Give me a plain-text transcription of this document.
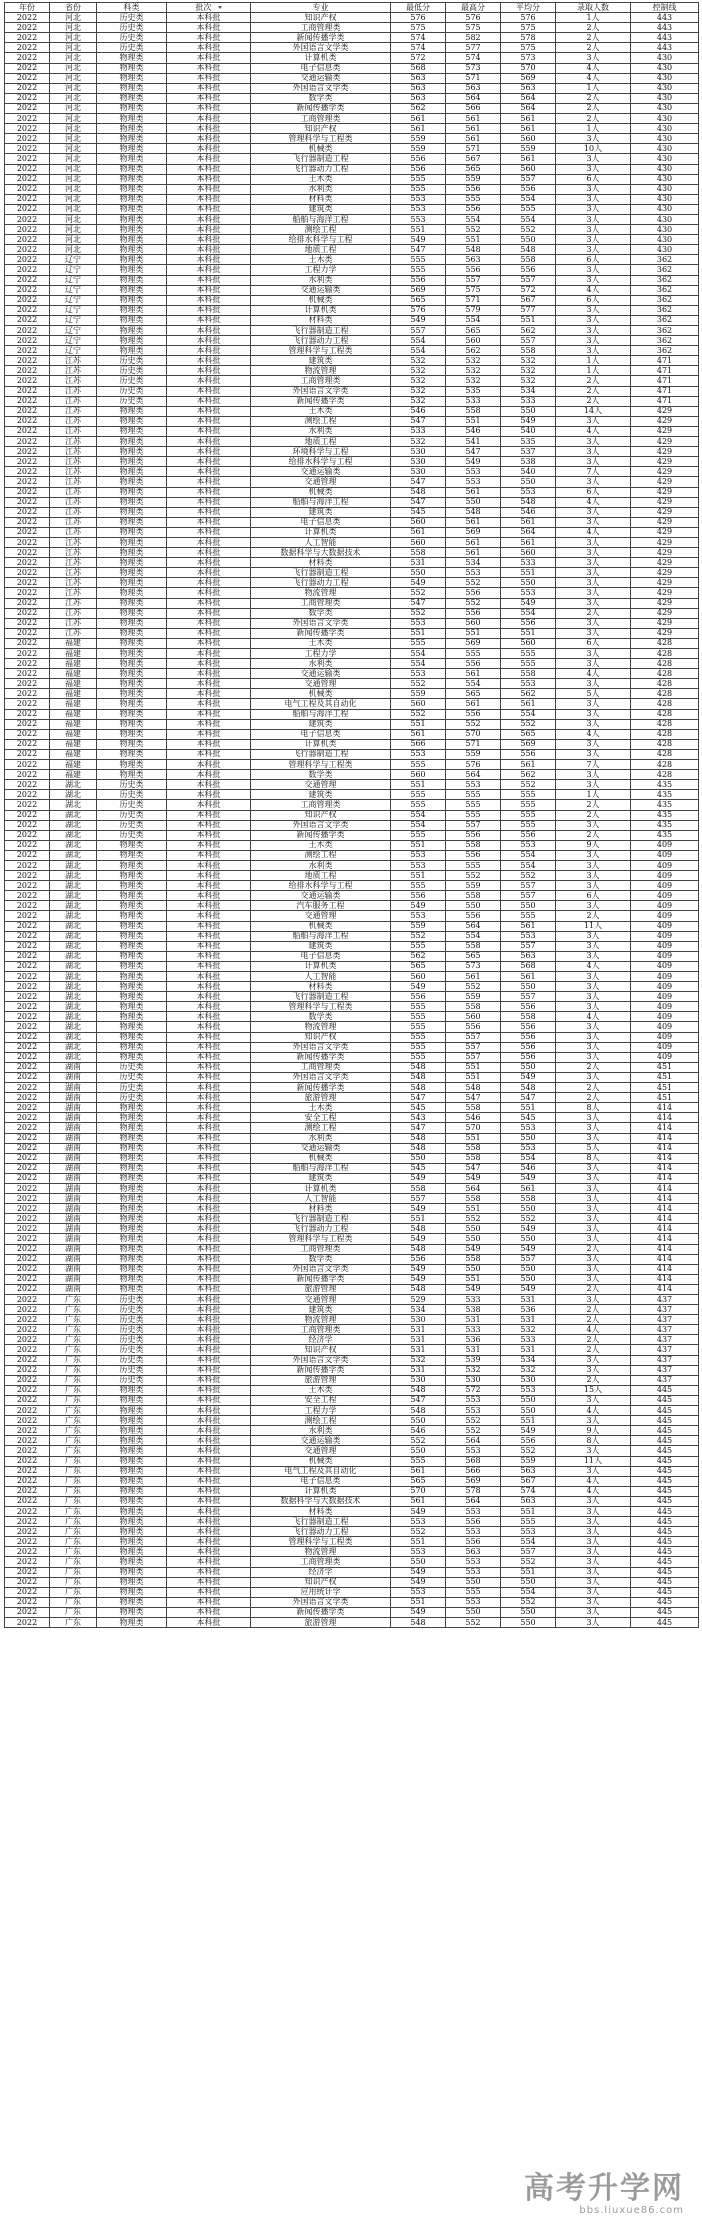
年份	省份	科类	批次	专业	最低分	最高分	平均分	录取人数	控制线
2022	河北	历史类	本科批	知识产权	576	576	576	1人	443
2022	河北	历史类	本科批	工商管理类	575	575	575	2人	443
2022	河北	历史类	本科批	新闻传播学类	574	582	578	2人	443
2022	河北	历史类	本科批	外国语言文学类	574	577	575	2人	443
2022	河北	物理类	本科批	计算机类	572	574	573	3人	430
2022	河北	物理类	本科批	电子信息类	568	573	570	4人	430
2022	河北	物理类	本科批	交通运输类	563	571	569	4人	430
2022	河北	物理类	本科批	外国语言文学类	563	563	563	1人	430
2022	河北	物理类	本科批	数学类	563	564	564	2人	430
2022	河北	物理类	本科批	新闻传播学类	562	566	564	2人	430
2022	河北	物理类	本科批	工商管理类	561	561	561	2人	430
2022	河北	物理类	本科批	知识产权	561	561	561	1人	430
2022	河北	物理类	本科批	管理科学与工程类	559	561	560	3人	430
2022	河北	物理类	本科批	机械类	559	571	559	10人	430
2022	河北	物理类	本科批	飞行器制造工程	556	567	561	3人	430
2022	河北	物理类	本科批	飞行器动力工程	556	565	560	3人	430
2022	河北	物理类	本科批	土木类	555	559	557	6人	430
2022	河北	物理类	本科批	水利类	555	556	556	3人	430
2022	河北	物理类	本科批	材料类	553	555	554	3人	430
2022	河北	物理类	本科批	建筑类	553	556	555	3人	430
2022	河北	物理类	本科批	船舶与海洋工程	553	554	554	3人	430
2022	河北	物理类	本科批	测绘工程	551	552	552	3人	430
2022	河北	物理类	本科批	给排水科学与工程	549	551	550	3人	430
2022	河北	物理类	本科批	地质工程	547	548	548	3人	430
2022	辽宁	物理类	本科批	土木类	555	563	558	6人	362
2022	辽宁	物理类	本科批	工程力学	555	556	556	3人	362
2022	辽宁	物理类	本科批	水利类	556	557	557	3人	362
2022	辽宁	物理类	本科批	交通运输类	569	575	572	4人	362
2022	辽宁	物理类	本科批	机械类	565	571	567	6人	362
2022	辽宁	物理类	本科批	计算机类	576	579	577	3人	362
2022	辽宁	物理类	本科批	材料类	549	554	551	3人	362
2022	辽宁	物理类	本科批	飞行器制造工程	557	565	562	3人	362
2022	辽宁	物理类	本科批	飞行器动力工程	554	560	557	3人	362
2022	辽宁	物理类	本科批	管理科学与工程类	554	562	558	3人	362
2022	江苏	历史类	本科批	建筑类	532	532	532	1人	471
2022	江苏	历史类	本科批	物流管理	532	532	532	1人	471
2022	江苏	历史类	本科批	工商管理类	532	532	532	2人	471
2022	江苏	历史类	本科批	外国语言文学类	532	535	534	2人	471
2022	江苏	历史类	本科批	新闻传播学类	532	533	533	2人	471
2022	江苏	物理类	本科批	土木类	546	558	550	14人	429
2022	江苏	物理类	本科批	测绘工程	547	551	549	3人	429
2022	江苏	物理类	本科批	水利类	533	546	540	4人	429
2022	江苏	物理类	本科批	地质工程	532	541	535	3人	429
2022	江苏	物理类	本科批	环境科学与工程	530	547	537	3人	429
2022	江苏	物理类	本科批	给排水科学与工程	530	549	538	3人	429
2022	江苏	物理类	本科批	交通运输类	530	553	540	7人	429
2022	江苏	物理类	本科批	交通管理	547	553	550	3人	429
2022	江苏	物理类	本科批	机械类	548	561	553	6人	429
2022	江苏	物理类	本科批	船舶与海洋工程	547	550	548	4人	429
2022	江苏	物理类	本科批	建筑类	545	548	546	3人	429
2022	江苏	物理类	本科批	电子信息类	560	561	561	3人	429
2022	江苏	物理类	本科批	计算机类	561	569	564	4人	429
2022	江苏	物理类	本科批	人工智能	560	561	561	3人	429
2022	江苏	物理类	本科批	数据科学与大数据技术	558	561	560	3人	429
2022	江苏	物理类	本科批	材料类	531	534	533	3人	429
2022	江苏	物理类	本科批	飞行器制造工程	550	553	551	3人	429
2022	江苏	物理类	本科批	飞行器动力工程	549	552	550	3人	429
2022	江苏	物理类	本科批	物流管理	552	556	553	3人	429
2022	江苏	物理类	本科批	工商管理类	547	552	549	3人	429
2022	江苏	物理类	本科批	数学类	552	556	554	2人	429
2022	江苏	物理类	本科批	外国语言文学类	553	560	556	3人	429
2022	江苏	物理类	本科批	新闻传播学类	551	551	551	3人	429
2022	福建	物理类	本科批	土木类	555	569	560	6人	428
2022	福建	物理类	本科批	工程力学	554	555	555	3人	428
2022	福建	物理类	本科批	水利类	554	556	555	3人	428
2022	福建	物理类	本科批	交通运输类	553	561	558	4人	428
2022	福建	物理类	本科批	交通管理	552	554	553	3人	428
2022	福建	物理类	本科批	机械类	559	565	562	5人	428
2022	福建	物理类	本科批	电气工程及其自动化	560	561	561	3人	428
2022	福建	物理类	本科批	船舶与海洋工程	552	556	554	3人	428
2022	福建	物理类	本科批	建筑类	551	552	552	3人	428
2022	福建	物理类	本科批	电子信息类	561	570	565	4人	428
2022	福建	物理类	本科批	计算机类	566	571	569	3人	428
2022	福建	物理类	本科批	飞行器制造工程	553	559	556	3人	428
2022	福建	物理类	本科批	管理科学与工程类	555	576	561	7人	428
2022	福建	物理类	本科批	数学类	560	564	562	3人	428
2022	湖北	历史类	本科批	交通管理	551	553	552	3人	435
2022	湖北	历史类	本科批	建筑类	555	555	555	1人	435
2022	湖北	历史类	本科批	工商管理类	555	555	555	2人	435
2022	湖北	历史类	本科批	知识产权	554	555	555	2人	435
2022	湖北	历史类	本科批	外国语言文学类	554	557	555	3人	435
2022	湖北	历史类	本科批	新闻传播学类	555	556	556	2人	435
2022	湖北	物理类	本科批	土木类	551	558	553	9人	409
2022	湖北	物理类	本科批	测绘工程	553	556	554	3人	409
2022	湖北	物理类	本科批	水利类	553	555	554	3人	409
2022	湖北	物理类	本科批	地质工程	551	552	552	3人	409
2022	湖北	物理类	本科批	给排水科学与工程	555	559	557	3人	409
2022	湖北	物理类	本科批	交通运输类	556	558	557	6人	409
2022	湖北	物理类	本科批	汽车服务工程	549	550	550	3人	409
2022	湖北	物理类	本科批	交通管理	553	556	555	2人	409
2022	湖北	物理类	本科批	机械类	559	564	561	11人	409
2022	湖北	物理类	本科批	船舶与海洋工程	552	554	553	3人	409
2022	湖北	物理类	本科批	建筑类	555	558	557	3人	409
2022	湖北	物理类	本科批	电子信息类	562	565	563	3人	409
2022	湖北	物理类	本科批	计算机类	565	573	568	4人	409
2022	湖北	物理类	本科批	人工智能	560	561	561	3人	409
2022	湖北	物理类	本科批	材料类	549	552	550	3人	409
2022	湖北	物理类	本科批	飞行器制造工程	556	559	557	3人	409
2022	湖北	物理类	本科批	管理科学与工程类	555	558	556	3人	409
2022	湖北	物理类	本科批	数学类	555	560	558	4人	409
2022	湖北	物理类	本科批	物流管理	555	556	556	3人	409
2022	湖北	物理类	本科批	知识产权	555	557	556	3人	409
2022	湖北	物理类	本科批	外国语言文学类	555	557	556	3人	409
2022	湖北	物理类	本科批	新闻传播学类	555	557	556	3人	409
2022	湖南	历史类	本科批	工商管理类	548	551	550	2人	451
2022	湖南	历史类	本科批	外国语言文学类	548	551	549	3人	451
2022	湖南	历史类	本科批	新闻传播学类	548	548	548	2人	451
2022	湖南	历史类	本科批	旅游管理	547	547	547	2人	451
2022	湖南	物理类	本科批	土木类	545	558	551	8人	414
2022	湖南	物理类	本科批	安全工程	543	546	545	3人	414
2022	湖南	物理类	本科批	测绘工程	547	570	553	3人	414
2022	湖南	物理类	本科批	水利类	548	551	550	3人	414
2022	湖南	物理类	本科批	交通运输类	548	558	553	5人	414
2022	湖南	物理类	本科批	机械类	550	558	554	8人	414
2022	湖南	物理类	本科批	船舶与海洋工程	545	547	546	3人	414
2022	湖南	物理类	本科批	建筑类	549	549	549	3人	414
2022	湖南	物理类	本科批	计算机类	558	564	561	3人	414
2022	湖南	物理类	本科批	人工智能	557	558	558	3人	414
2022	湖南	物理类	本科批	材料类	549	551	550	3人	414
2022	湖南	物理类	本科批	飞行器制造工程	551	552	552	3人	414
2022	湖南	物理类	本科批	飞行器动力工程	548	550	549	3人	414
2022	湖南	物理类	本科批	管理科学与工程类	549	550	550	3人	414
2022	湖南	物理类	本科批	工商管理类	548	549	549	2人	414
2022	湖南	物理类	本科批	数学类	556	558	557	3人	414
2022	湖南	物理类	本科批	外国语言文学类	549	550	550	3人	414
2022	湖南	物理类	本科批	新闻传播学类	549	551	550	3人	414
2022	湖南	物理类	本科批	旅游管理	548	549	549	2人	414
2022	广东	历史类	本科批	交通管理	529	533	531	3人	437
2022	广东	历史类	本科批	建筑类	534	538	536	2人	437
2022	广东	历史类	本科批	物流管理	530	531	531	2人	437
2022	广东	历史类	本科批	工商管理类	531	533	532	4人	437
2022	广东	历史类	本科批	经济学	531	536	533	2人	437
2022	广东	历史类	本科批	知识产权	531	531	531	2人	437
2022	广东	历史类	本科批	外国语言文学类	532	539	534	3人	437
2022	广东	历史类	本科批	新闻传播学类	531	532	532	3人	437
2022	广东	历史类	本科批	旅游管理	530	530	530	2人	437
2022	广东	物理类	本科批	土木类	548	572	553	15人	445
2022	广东	物理类	本科批	安全工程	547	553	550	3人	445
2022	广东	物理类	本科批	工程力学	548	553	550	4人	445
2022	广东	物理类	本科批	测绘工程	550	552	551	3人	445
2022	广东	物理类	本科批	水利类	546	552	549	9人	445
2022	广东	物理类	本科批	交通运输类	552	564	556	8人	445
2022	广东	物理类	本科批	交通管理	550	553	552	3人	445
2022	广东	物理类	本科批	机械类	555	568	559	11人	445
2022	广东	物理类	本科批	电气工程及其自动化	561	566	563	3人	445
2022	广东	物理类	本科批	电子信息类	565	569	567	4人	445
2022	广东	物理类	本科批	计算机类	570	578	574	4人	445
2022	广东	物理类	本科批	数据科学与大数据技术	561	564	563	3人	445
2022	广东	物理类	本科批	材料类	549	553	551	3人	445
2022	广东	物理类	本科批	飞行器制造工程	553	556	555	3人	445
2022	广东	物理类	本科批	飞行器动力工程	552	553	553	3人	445
2022	广东	物理类	本科批	管理科学与工程类	551	556	554	3人	445
2022	广东	物理类	本科批	物流管理	553	563	557	3人	445
2022	广东	物理类	本科批	工商管理类	550	553	552	3人	445
2022	广东	物理类	本科批	经济学	549	553	551	3人	445
2022	广东	物理类	本科批	知识产权	549	550	550	3人	445
2022	广东	物理类	本科批	应用统计学	553	555	554	3人	445
2022	广东	物理类	本科批	外国语言文学类	551	553	552	3人	445
2022	广东	物理类	本科批	新闻传播学类	549	550	550	3人	445
2022	广东	物理类	本科批	旅游管理	548	552	550	3人	445
高考升学网
bbs.liuxue86.com
